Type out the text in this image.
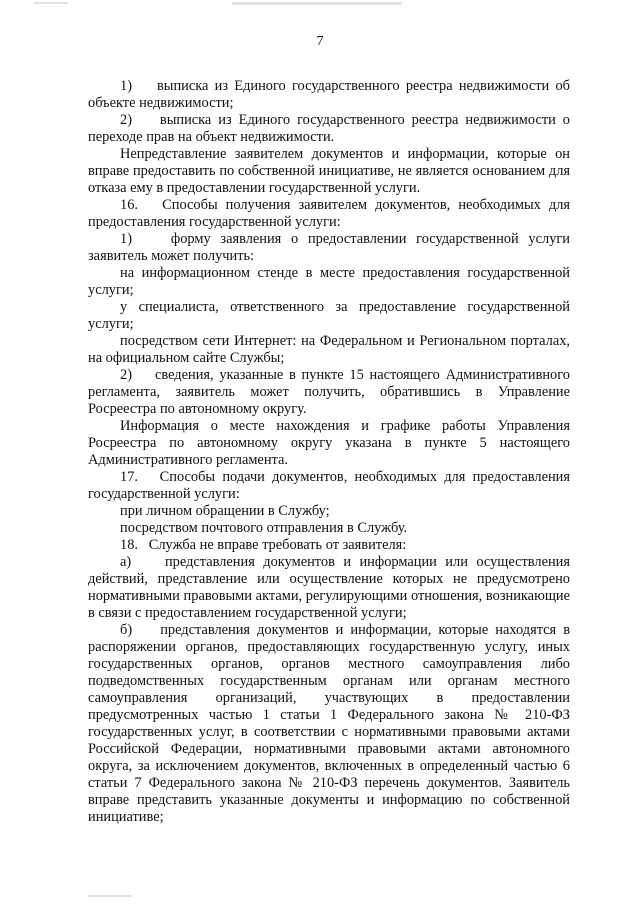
7

1)    выписка из Единого государственного реестра недвижимости об объекте недвижимости;

2)    выписка из Единого государственного реестра недвижимости о переходе прав на объект недвижимости.

Непредставление заявителем документов и информации, которые он вправе предоставить по собственной инициативе, не является основанием для отказа ему в предоставлении государственной услуги.

16.   Способы получения заявителем документов, необходимых для предоставления государственной услуги:

1)    форму заявления о предоставлении государственной услуги заявитель может получить:

на информационном стенде в месте предоставления государственной услуги;

у специалиста, ответственного за предоставление государственной услуги;

посредством сети Интернет: на Федеральном и Региональном порталах, на официальном сайте Службы;

2)    сведения, указанные в пункте 15 настоящего Административного регламента, заявитель может получить, обратившись в Управление Росреестра по автономному округу.

Информация о месте нахождения и графике работы Управления Росреестра по автономному округу указана в пункте 5 настоящего Административного регламента.

17.   Способы подачи документов, необходимых для предоставления государственной услуги:

при личном обращении в Службу;

посредством почтового отправления в Службу.

18.   Служба не вправе требовать от заявителя:

а)    представления документов и информации или осуществления действий, представление или осуществление которых не предусмотрено нормативными правовыми актами, регулирующими отношения, возникающие в связи с предоставлением государственной услуги;

б)    представления документов и информации, которые находятся в распоряжении органов, предоставляющих государственную услугу, иных государственных органов, органов местного самоуправления либо подведомственных государственным органам или органам местного самоуправления организаций, участвующих в предоставлении предусмотренных частью 1 статьи 1 Федерального закона № 210-ФЗ государственных услуг, в соответствии с нормативными правовыми актами Российской Федерации, нормативными правовыми актами автономного округа, за исключением документов, включенных в определенный частью 6 статьи 7 Федерального закона № 210-ФЗ перечень документов. Заявитель вправе представить указанные документы и информацию по собственной инициативе;
